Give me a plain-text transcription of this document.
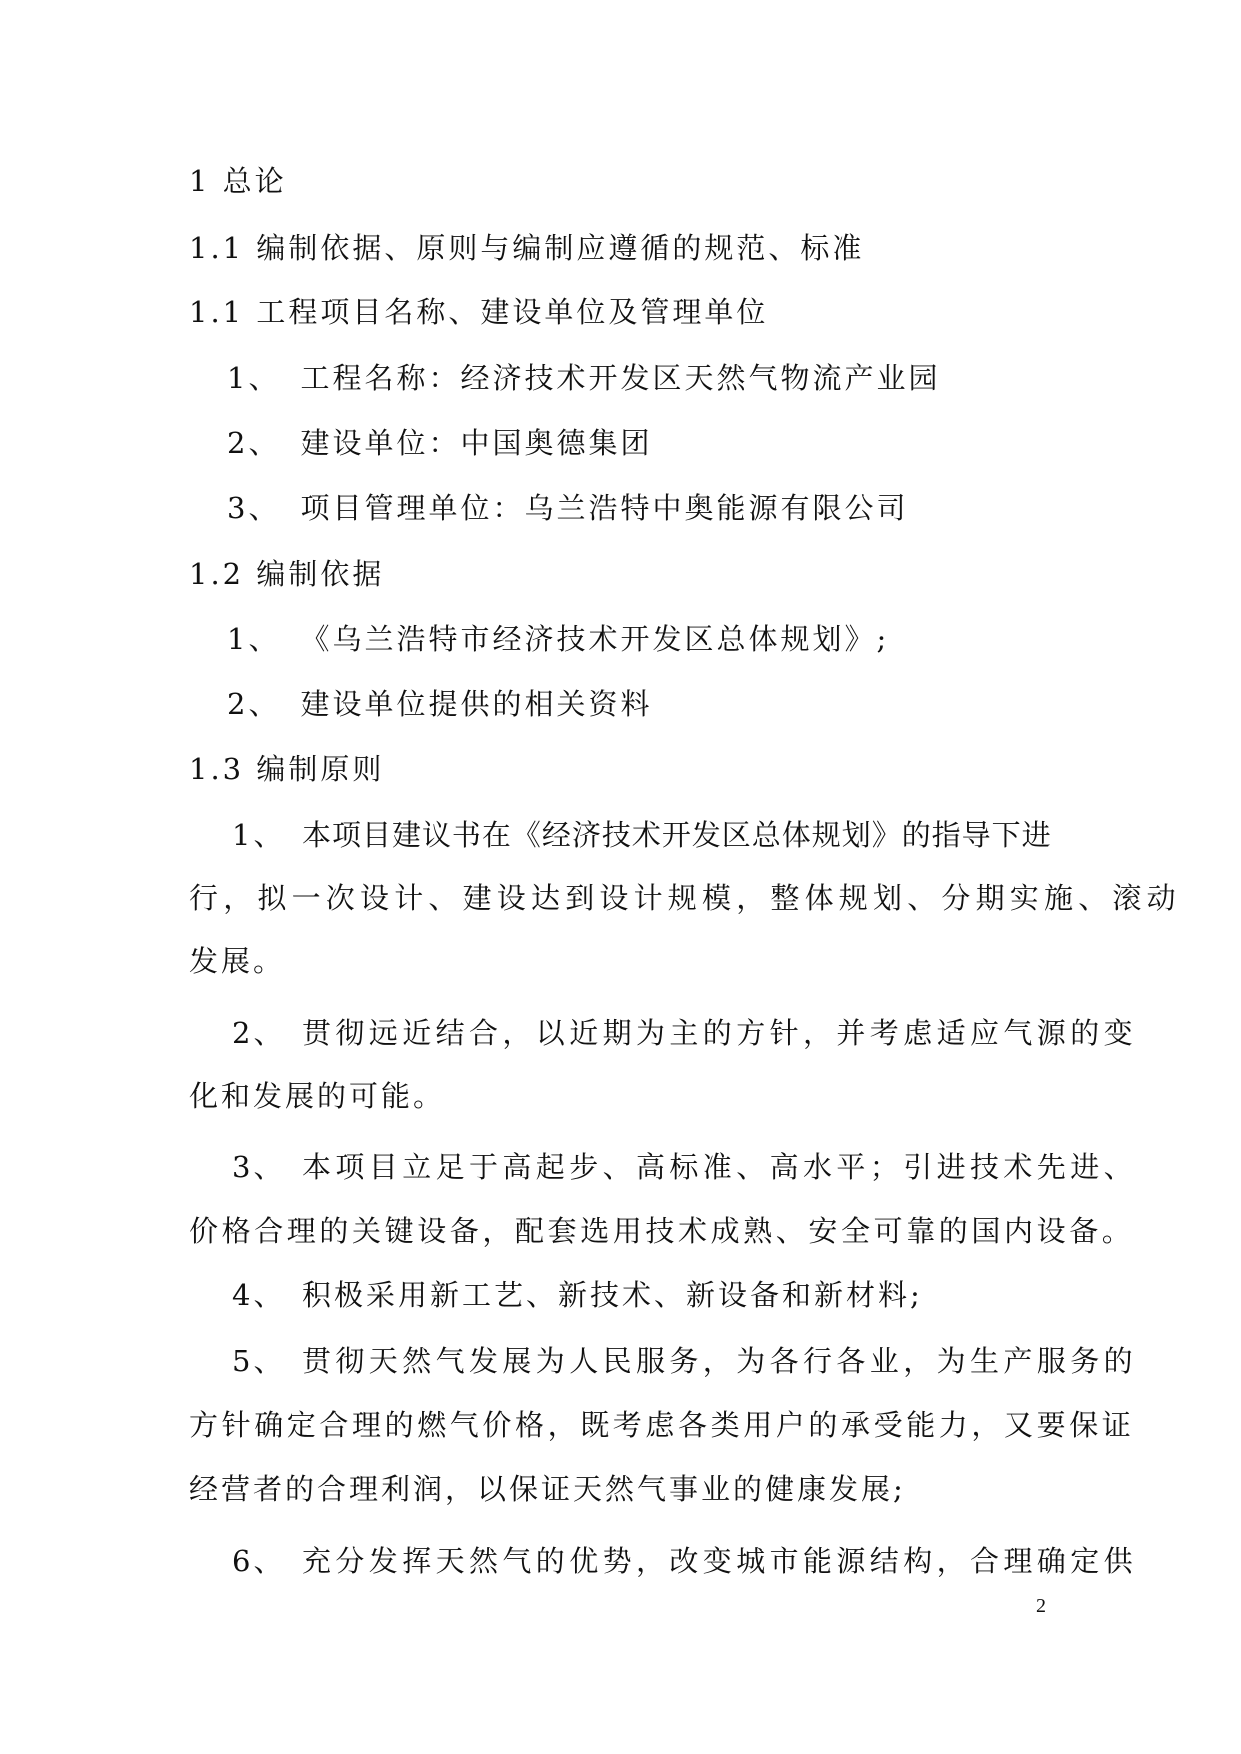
1 总论
1.1 编制依据、原则与编制应遵循的规范、标准
1.1 工程项目名称、建设单位及管理单位
1、 工程名称：经济技术开发区天然气物流产业园
2、 建设单位：中国奥德集团
3、 项目管理单位：乌兰浩特中奥能源有限公司
1.2 编制依据
1、 《乌兰浩特市经济技术开发区总体规划》;
2、 建设单位提供的相关资料
1.3 编制原则
1、 本 项 目 建 议 书 在 《 经 济 技 术 开 发 区 总 体 规 划 》 的 指 导 下 进
行，拟一次设计、建设达到设计规模，整体规划、分期实施、滚动
发展。
2、 贯彻远近结合，以近期为主的方针，并考虑适应气源的变
化和发展的可能。
3、 本项目立足于高起步、高标准、高水平；引进技术先进、
价格合理的关键设备，配套选用技术成熟、安全可靠的国内设备。
4、 积极采用新工艺、新技术、新设备和新材料;
5、 贯彻天然气发展为人民服务，为各行各业，为生产服务的
方针确定合理的燃气价格，既考虑各类用户的承受能力，又要保证
经营者的合理利润，以保证天然气事业的健康发展;
6、 充分发挥天然气的优势，改变城市能源结构，合理确定供
2
